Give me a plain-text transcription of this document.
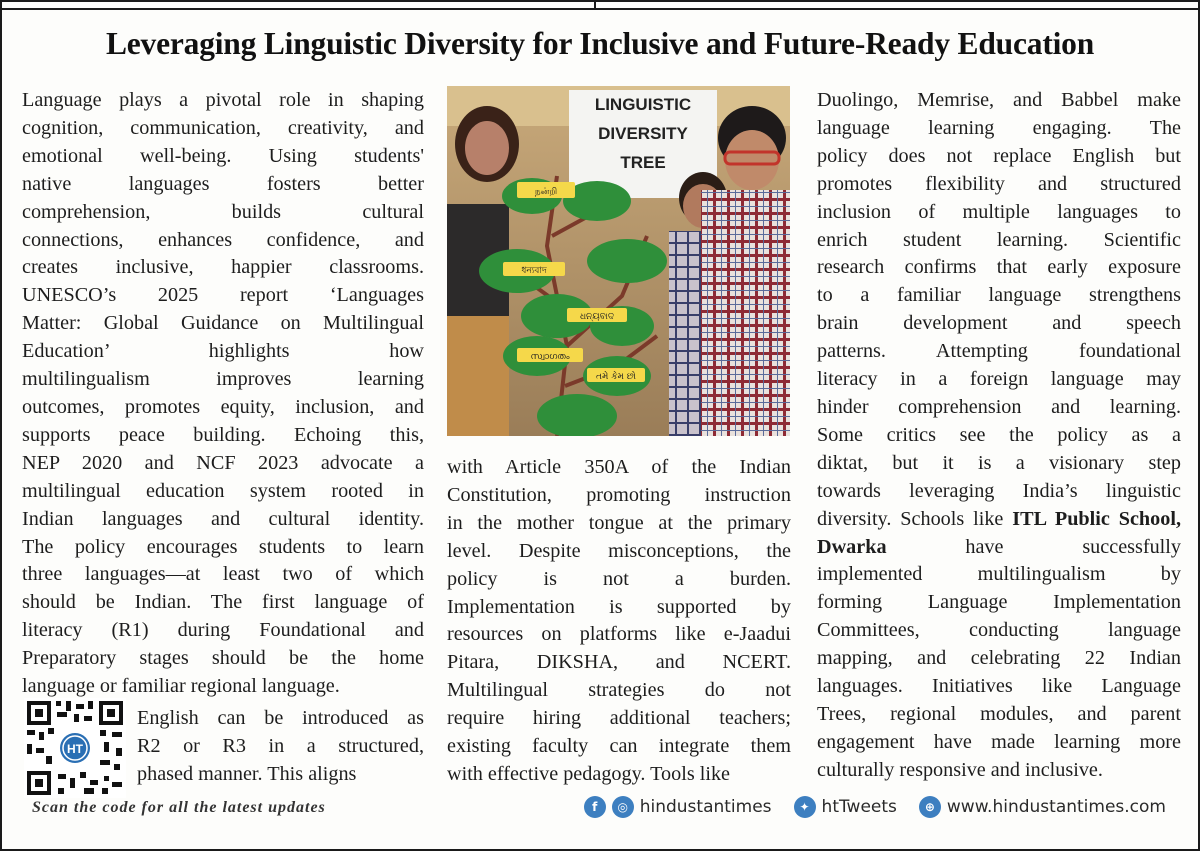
Leveraging Linguistic Diversity for Inclusive and Future-Ready Education

Language plays a pivotal role in shaping

cognition, communication, creativity, and

emotional well-being. Using students'

native languages fosters better

comprehension, builds cultural

connections, enhances confidence, and

creates inclusive, happier classrooms.

UNESCO’s 2025 report ‘Languages

Matter: Global Guidance on Multilingual

Education’ highlights how

multilingualism improves learning

outcomes, promotes equity, inclusion, and

supports peace building. Echoing this,

NEP 2020 and NCF 2023 advocate a

multilingual education system rooted in

Indian languages and cultural identity.

The policy encourages students to learn

three languages—at least two of which

should be Indian. The first language of

literacy (R1) during Foundational and

Preparatory stages should be the home

language or familiar regional language.

HT

English can be introduced as

R2 or R3 in a structured,

phased manner. This aligns

Scan the code for all the latest updates
LINGUISTIC
DIVERSITY
TREE
நன்றி
ধন্যবাদ
ଧନ୍ୟବାଦ
സ്വാഗതം
તમે કેમ છો

with Article 350A of the Indian

Constitution, promoting instruction

in the mother tongue at the primary

level. Despite misconceptions, the

policy is not a burden.

Implementation is supported by

resources on platforms like e-Jaadui

Pitara, DIKSHA, and NCERT.

Multilingual strategies do not

require hiring additional teachers;

existing faculty can integrate them

with effective pedagogy. Tools like

Duolingo, Memrise, and Babbel make

language learning engaging. The

policy does not replace English but

promotes flexibility and structured

inclusion of multiple languages to

enrich student learning. Scientific

research confirms that early exposure

to a familiar language strengthens

brain development and speech

patterns. Attempting foundational

literacy in a foreign language may

hinder comprehension and learning.

Some critics see the policy as a

diktat, but it is a visionary step

towards leveraging India’s linguistic

diversity. Schools like ITL Public School, Dwarka have successfully

implemented multilingualism by

forming Language Implementation

Committees, conducting language

mapping, and celebrating 22 Indian

languages. Initiatives like Language

Trees, regional modules, and parent

engagement have made learning more

culturally responsive and inclusive.

f	◎ hindustantimes	✦ htTweets	⊕ www.hindustantimes.com
